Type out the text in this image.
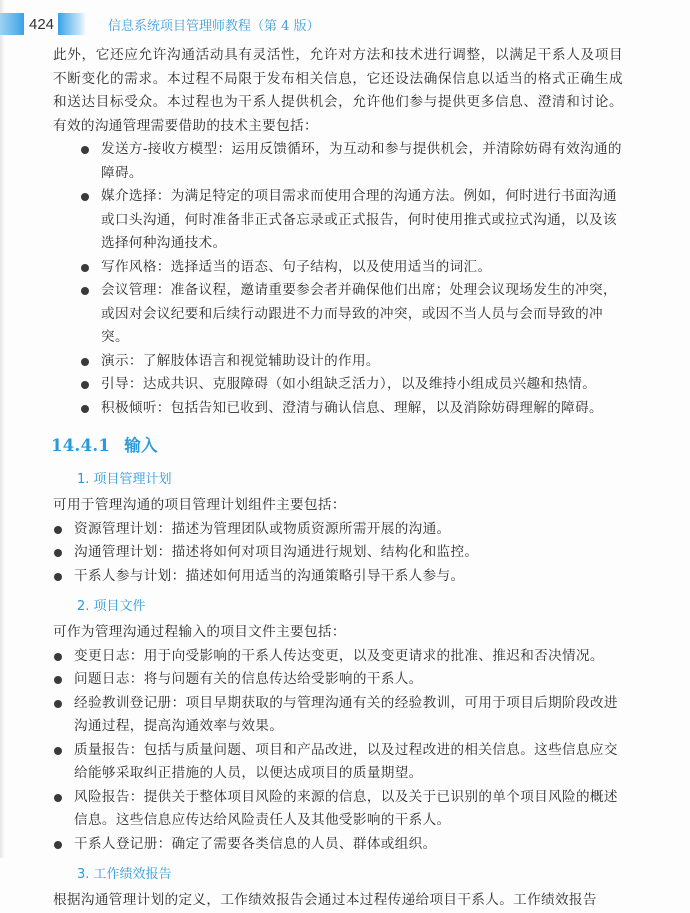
424	信息系统项目管理师教程（第 4 版）

此外，它还应允许沟通活动具有灵活性，允许对方法和技术进行调整，以满足干系人及项目不断变化的需求。本过程不局限于发布相关信息，它还设法确保信息以适当的格式正确生成和送达目标受众。本过程也为干系人提供机会，允许他们参与提供更多信息、澄清和讨论。有效的沟通管理需要借助的技术主要包括：

发送方-接收方模型：运用反馈循环，为互动和参与提供机会，并清除妨碍有效沟通的障碍。
媒介选择：为满足特定的项目需求而使用合理的沟通方法。例如，何时进行书面沟通或口头沟通，何时准备非正式备忘录或正式报告，何时使用推式或拉式沟通，以及该选择何种沟通技术。
写作风格：选择适当的语态、句子结构，以及使用适当的词汇。
会议管理：准备议程，邀请重要参会者并确保他们出席；处理会议现场发生的冲突，或因对会议纪要和后续行动跟进不力而导致的冲突，或因不当人员与会而导致的冲突。
演示：了解肢体语言和视觉辅助设计的作用。
引导：达成共识、克服障碍（如小组缺乏活力），以及维持小组成员兴趣和热情。
积极倾听：包括告知已收到、澄清与确认信息、理解，以及消除妨碍理解的障碍。
14.4.1 输入
1. 项目管理计划

可用于管理沟通的项目管理计划组件主要包括：

资源管理计划：描述为管理团队或物质资源所需开展的沟通。
沟通管理计划：描述将如何对项目沟通进行规划、结构化和监控。
干系人参与计划：描述如何用适当的沟通策略引导干系人参与。
2. 项目文件

可作为管理沟通过程输入的项目文件主要包括：

变更日志：用于向受影响的干系人传达变更，以及变更请求的批准、推迟和否决情况。
问题日志：将与问题有关的信息传达给受影响的干系人。
经验教训登记册：项目早期获取的与管理沟通有关的经验教训，可用于项目后期阶段改进沟通过程，提高沟通效率与效果。
质量报告：包括与质量问题、项目和产品改进，以及过程改进的相关信息。这些信息应交给能够采取纠正措施的人员，以便达成项目的质量期望。
风险报告：提供关于整体项目风险的来源的信息，以及关于已识别的单个项目风险的概述信息。这些信息应传达给风险责任人及其他受影响的干系人。
干系人登记册：确定了需要各类信息的人员、群体或组织。
3. 工作绩效报告

根据沟通管理计划的定义，工作绩效报告会通过本过程传递给项目干系人。工作绩效报告
